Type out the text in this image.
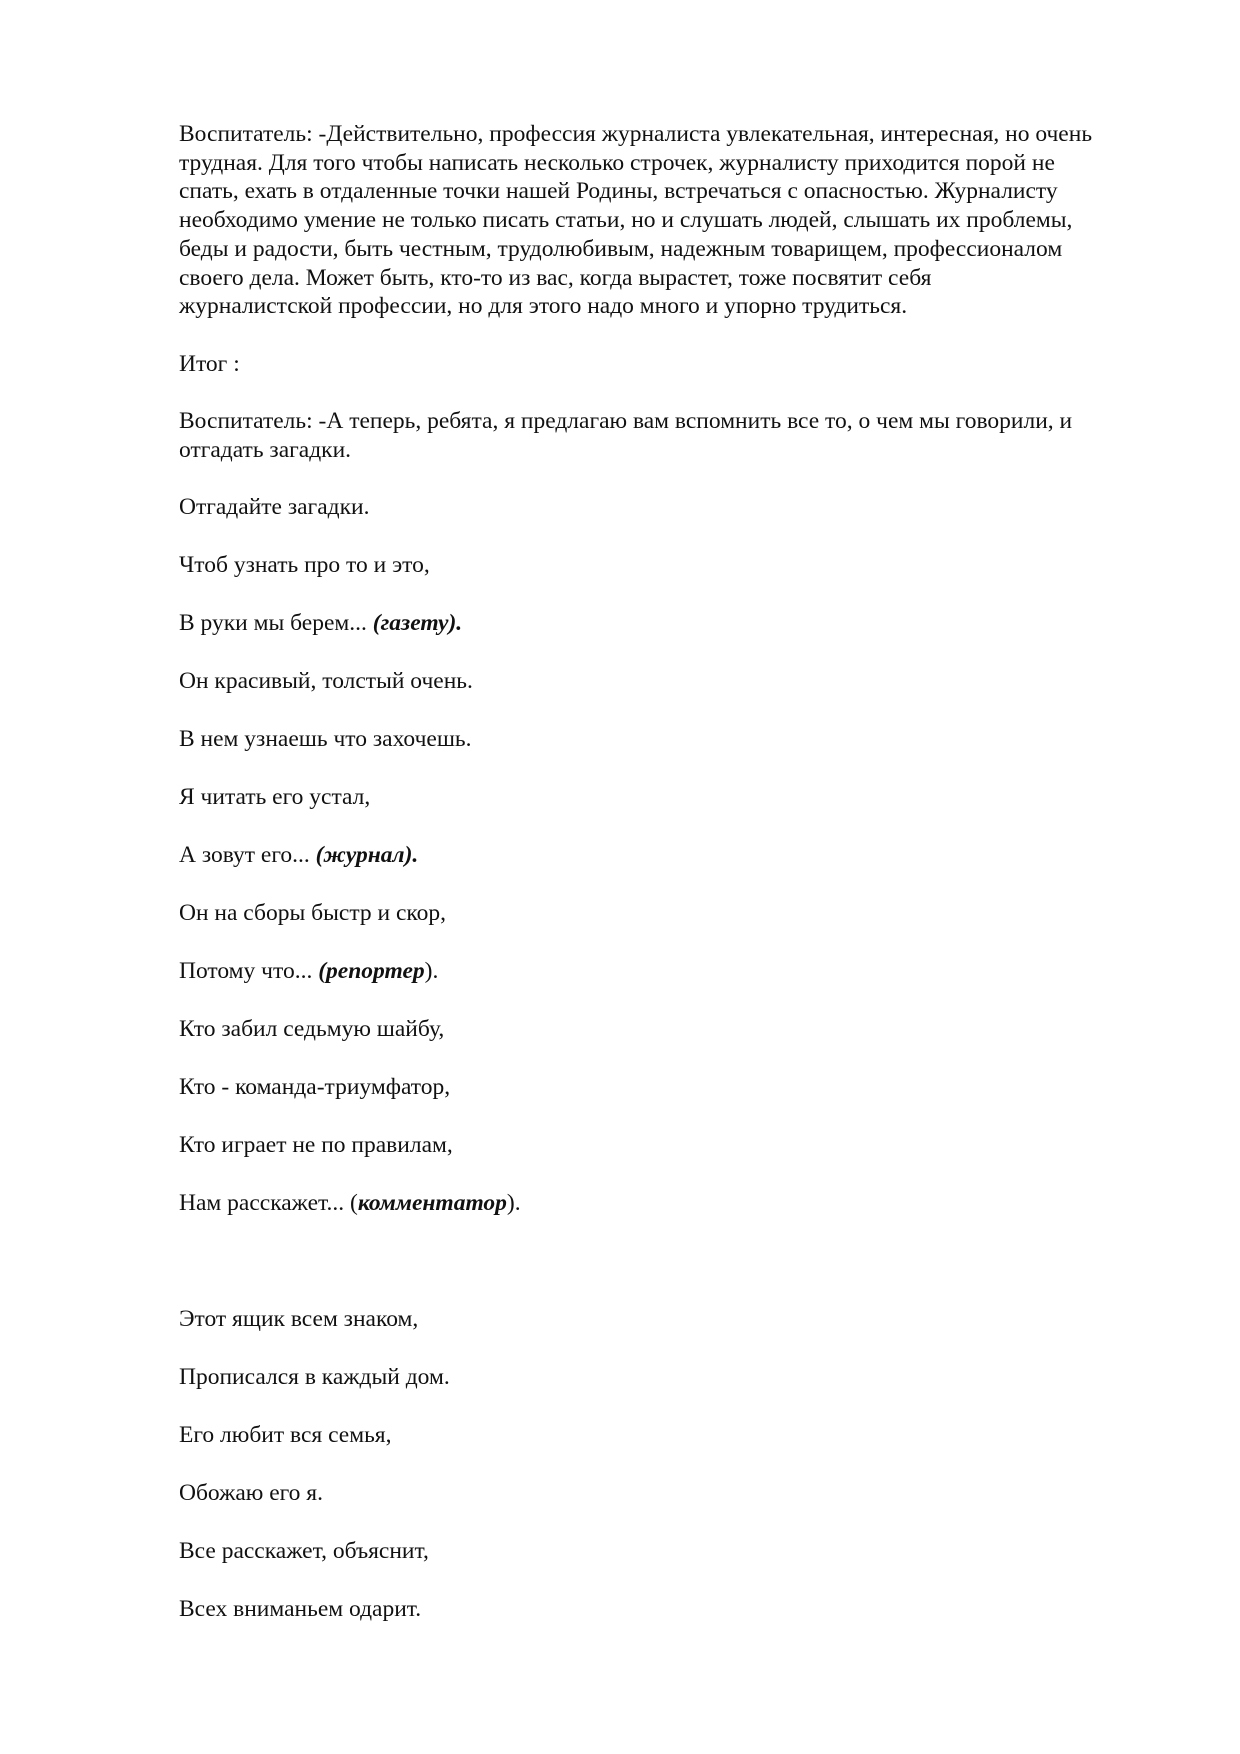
Воспитатель: -Действительно, профессия журналиста увлекательная, интересная, но очень
трудная. Для того чтобы написать несколько строчек, журналисту приходится порой не
спать, ехать в отдаленные точки нашей Родины, встречаться с опасностью. Журналисту
необходимо умение не только писать статьи, но и слушать людей, слышать их проблемы,
беды и радости, быть честным, трудолюбивым, надежным товарищем, профессионалом
своего дела. Может быть, кто-то из вас, когда вырастет, тоже посвятит себя
журналистской профессии, но для этого надо много и упорно трудиться.

Итог :

Воспитатель: -А теперь, ребята, я предлагаю вам вспомнить все то, о чем мы говорили, и

отгадать загадки.

Отгадайте загадки.

Чтоб узнать про то и это,

В руки мы берем... (газету).

Он красивый, толстый очень.

В нем узнаешь что захочешь.

Я читать его устал,

А зовут его... (журнал).

Он на сборы быстр и скор,

Потому что... (репортер).

Кто забил седьмую шайбу,

Кто - команда-триумфатор,

Кто играет не по правилам,

Нам расскажет... (комментатор).

Этот ящик всем знаком,

Прописался в каждый дом.

Его любит вся семья,

Обожаю его я.

Все расскажет, объяснит,

Всех вниманьем одарит.
